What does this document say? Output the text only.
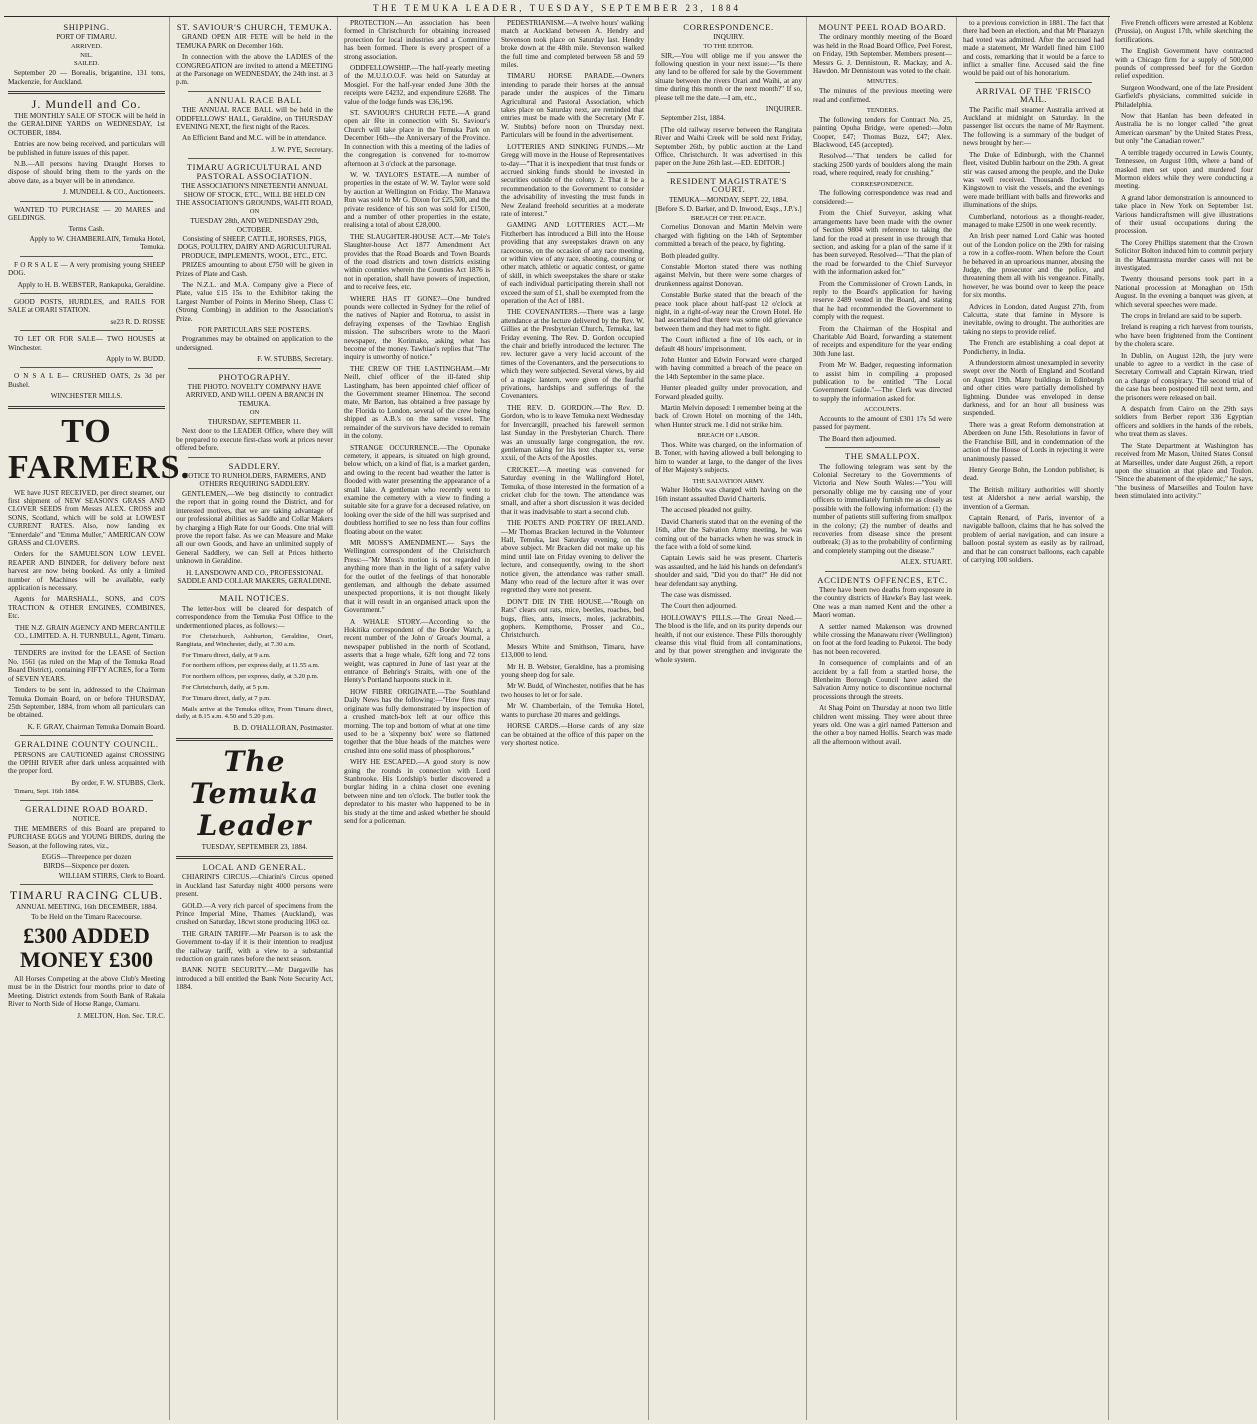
THE TEMUKA LEADER , TUESDAY, SEPTEMBER 23, 1884
SHIPPING.
PORT OF TIMARU.
ARRIVED.
NIL.
SAILED.
September 20 — Borealis, brigantine, 131 tons, Mackenzie, for Auckland.
J. Mundell and Co.
THE MONTHLY SALE OF STOCK will be held in the GERALDINE YARDS on WEDNESDAY, 1st OCTOBER, 1884.
Entries are now being received, and particulars will be published in future issues of this paper.
N.B.—All persons having Draught Horses to dispose of should bring them to the yards on the above date, as a buyer will be in attendance.
J. MUNDELL & CO., Auctioneers.
WANTED TO PURCHASE — 20 MARES and GELDINGS.
Terms Cash.
Apply to W. CHAMBERLAIN, Temuka Hotel, Temuka.
F O R S A L E — A very promising young SHEEP DOG.
Apply to H. B. WEBSTER, Rankapuka, Geraldine.
GOOD POSTS, HURDLES, and RAILS FOR SALE at ORARI STATION.
se23 R. D. ROSSE
TO LET OR FOR SALE— TWO HOUSES at Winchester.
Apply to W. BUDD.
O N S A L E— CRUSHED OATS, 2s 3d per Bushel.
WINCHESTER MILLS.
TO FARMERS.
WE have JUST RECEIVED, per direct steamer, our first shipment of NEW SEASON'S GRASS AND CLOVER SEEDS from Messrs ALEX. CROSS and SONS, Scotland, which will be sold at LOWEST CURRENT RATES. Also, now landing ex "Ennerdale" and "Emma Muller," AMERICAN COW GRASS and CLOVERS.
Orders for the SAMUELSON LOW LEVEL REAPER AND BINDER, for delivery before next harvest are now being booked. As only a limited number of Machines will be available, early application is necessary.
Agents for MARSHALL, SONS, and CO'S TRACTION & OTHER ENGINES, COMBINES, Etc.
THE N.Z. GRAIN AGENCY AND MERCANTILE CO., LIMITED. A. H. TURNBULL, Agent, Timaru.
TENDERS are invited for the LEASE of Section No. 1561 (as ruled on the Map of the Temuka Road Board District), containing FIFTY ACRES, for a Term of SEVEN YEARS.
Tenders to be sent in, addressed to the Chairman Temuka Domain Board, on or before THURSDAY, 25th September, 1884, from whom all particulars can be obtained.
K. F. GRAY, Chairman Temuka Domain Board.
GERALDINE COUNTY COUNCIL.
PERSONS are CAUTIONED against CROSSING the OPIHI RIVER after dark unless acquainted with the proper ford.
By order, F. W. STUBBS, Clerk.
Timaru, Sept. 16th 1884.
GERALDINE ROAD BOARD.
NOTICE.
THE MEMBERS of this Board are prepared to PURCHASE EGGS and YOUNG BIRDS, during the Season, at the following rates, viz.,
EGGS—Threepence per dozen
BIRDS—Sixpence per dozen.
WILLIAM STIRRS, Clerk to Board.
TIMARU RACING CLUB.
ANNUAL MEETING, 16th DECEMBER, 1884.
To be Held on the Timaru Racecourse.
£300 ADDED MONEY £300
All Horses Competing at the above Club's Meeting must be in the District four months prior to date of Meeting. District extends from South Bank of Rakaia River to North Side of Horse Range, Oamaru.
J. MELTON, Hon. Sec. T.R.C.
ST. SAVIOUR'S CHURCH, TEMUKA.
GRAND OPEN AIR FETE will be held in the TEMUKA PARK on December 16th.
In connection with the above the LADIES of the CONGREGATION are invited to attend a MEETING at the Parsonage on WEDNESDAY, the 24th inst. at 3 p.m.
ANNUAL RACE BALL
THE ANNUAL RACE BALL will be held in the ODDFELLOWS' HALL, Geraldine, on THURSDAY EVENING NEXT, the first night of the Races.
An Efficient Band and M.C. will be in attendance.
J. W. PYE, Secretary.
TIMARU AGRICULTURAL AND PASTORAL ASSOCIATION.
THE ASSOCIATION'S NINETEENTH ANNUAL SHOW OF STOCK, ETC., WILL BE HELD ON THE ASSOCIATION'S GROUNDS, WAI-ITI ROAD,
ON
TUESDAY 28th, AND WEDNESDAY 29th, OCTOBER.
Consisting of SHEEP, CATTLE, HORSES, PIGS, DOGS, POULTRY, DAIRY AND AGRICULTURAL PRODUCE, IMPLEMENTS, WOOL, ETC., ETC.
PRIZES amounting to about £750 will be given in Prizes of Plate and Cash.
The N.Z.L. and M.A. Company give a Piece of Plate, value £15 15s to the Exhibitor taking the Largest Number of Points in Merino Sheep, Class C (Strong Combing) in addition to the Association's Prize.
FOR PARTICULARS SEE POSTERS.
Programmes may be obtained on application to the undersigned.
F. W. STUBBS, Secretary.
PHOTOGRAPHY.
THE PHOTO. NOVELTY COMPANY HAVE ARRIVED, AND WILL OPEN A BRANCH IN TEMUKA.
ON
THURSDAY, SEPTEMBER 11.
Next door to the LEADER Office, where they will be prepared to execute first-class work at prices never offered before.
SADDLERY.
NOTICE TO RUNHOLDERS, FARMERS, AND OTHERS REQUIRING SADDLERY.
GENTLEMEN,—We beg distinctly to contradict the report that in going round the District, and for interested motives, that we are taking advantage of our professional abilities as Saddle and Collar Makers by charging a High Rate for our Goods. One trial will prove the report false. As we can Measure and Make all our own Goods, and have an unlimited supply of General Saddlery, we can Sell at Prices hitherto unknown in Geraldine.
H. LANSDOWN AND CO., PROFESSIONAL SADDLE AND COLLAR MAKERS, GERALDINE.
MAIL NOTICES.
The letter-box will be cleared for despatch of correspondence from the Temuka Post Office to the undermentioned places, as follows:—
For Christchurch, Ashburton, Geraldine, Orari, Rangitata, and Winchester, daily, at 7.30 a.m.
For Timaru direct, daily, at 9 a.m.
For northern offices, per express daily, at 11.55 a.m.
For northern offices, per express, daily, at 3.20 p.m.
For Christchurch, daily, at 5 p.m.
For Timaru direct, daily, at 7 p.m.
Mails arrive at the Temuka office, From Timaru direct, daily, at 8.15 a.m. 4.50 and 5.20 p.m.
B. D. O'HALLORAN, Postmaster.
The Temuka Leader
TUESDAY, SEPTEMBER 23, 1884.
LOCAL AND GENERAL.
CHIARINI'S CIRCUS.—Chiarini's Circus opened in Auckland last Saturday night 4000 persons were present.
GOLD.—A very rich parcel of specimens from the Prince Imperial Mine, Thames (Auckland), was crushed on Saturday, 18cwt stone producing 1063 oz.
THE GRAIN TARIFF.—Mr Pearson is to ask the Government to-day if it is their intention to readjust the railway tariff, with a view to a substantial reduction on grain rates before the next season.
BANK NOTE SECURITY.—Mr Dargaville has introduced a bill entitled the Bank Note Security Act, 1884.
PROTECTION.—An association has been formed in Christchurch for obtaining increased protection for local industries and a Committee has been formed. There is every prospect of a strong association.
ODDFELLOWSHIP.—The half-yearly meeting of the M.U.I.O.O.F. was held on Saturday at Mosgiel. For the half-year ended June 30th the receipts were £4232, and expenditure £2688. The value of the lodge funds was £36,196.
ST. SAVIOUR'S CHURCH FETE.—A grand open air fête in connection with St. Saviour's Church will take place in the Temuka Park on December 16th—the Anniversary of the Province. In connection with this a meeting of the ladies of the congregation is convened for to-morrow afternoon at 3 o'clock at the parsonage.
W. W. TAYLOR'S ESTATE.—A number of properties in the estate of W. W. Taylor were sold by auction at Wellington on Friday. The Manawa Run was sold to Mr G. Dixon for £25,500, and the private residence of his son was sold for £1500, and a number of other properties in the estate, realising a total of about £28,000.
THE SLAUGHTER-HOUSE ACT.—Mr Tole's Slaughter-house Act 1877 Amendment Act provides that the Road Boards and Town Boards of the road districts and town districts existing within counties wherein the Counties Act 1876 is not in operation, shall have powers of inspection, and to receive fees, etc.
WHERE HAS IT GONE?—One hundred pounds were collected in Sydney for the relief of the natives of Napier and Rotorua, to assist in defraying expenses of the Tawhiao English mission. The subscribers wrote to the Maori newspaper, the Korimako, asking what has become of the money. Tawhiao's replies that "The inquiry is unworthy of notice."
THE CREW OF THE LASTINGHAM.—Mr Neill, chief officer of the ill-fated ship Lastingham, has been appointed chief officer of the Government steamer Hinemoa. The second mate, Mr Barton, has obtained a free passage by the Florida to London, several of the crew being shipped as A.B.'s on the same vessel. The remainder of the survivors have decided to remain in the colony.
STRANGE OCCURRENCE.—The Opunake cemetery, it appears, is situated on high ground, below which, on a kind of flat, is a market garden, and owing to the recent bad weather the latter is flooded with water presenting the appearance of a small lake. A gentleman who recently went to examine the cemetery with a view to finding a suitable site for a grave for a deceased relative, on looking over the side of the hill was surprised and doubtless horrified to see no less than four coffins floating about on the water.
MR MOSS'S AMENDMENT.— Says the Wellington correspondent of the Christchurch Press:—"Mr Moss's motion is not regarded in anything more than in the light of a safety valve for the outlet of the feelings of that honorable gentleman, and although the debate assumed unexpected proportions, it is not thought likely that it will result in an organised attack upon the Government."
A WHALE STORY.—According to the Hokitika correspondent of the Border Watch, a recent number of the John o' Groat's Journal, a newspaper published in the north of Scotland, asserts that a huge whale, 62ft long and 72 tons weight, was captured in June of last year at the entrance of Behring's Straits, with one of the Henty's Portland harpoons stuck in it.
HOW FIBRE ORIGINATE.—The Southland Daily News has the following:—"How fires may originate was fully demonstrated by inspection of a crushed match-box left at our office this morning. The top and bottom of what at one time used to be a 'sixpenny box' were so flattened together that the blue heads of the matches were crushed into one solid mass of phosphorous."
WHY HE ESCAPED.—A good story is now going the rounds in connection with Lord Stanbrooke. His Lordship's butler discovered a burglar hiding in a china closet one evening between nine and ten o'clock. The butler took the depredator to his master who happened to be in his study at the time and asked whether he should send for a policeman.
PEDESTRIANISM.—A twelve hours' walking match at Auckland between A. Hendry and Stevenson took place on Saturday last. Hendry broke down at the 48th mile. Stevenson walked the full time and completed between 58 and 59 miles.
TIMARU HORSE PARADE.—Owners intending to parade their horses at the annual parade under the auspices of the Timaru Agricultural and Pastoral Association, which takes place on Saturday next, are reminded that entries must be made with the Secretary (Mr F. W. Stubbs) before noon on Thursday next. Particulars will be found in the advertisement.
LOTTERIES AND SINKING FUNDS.—Mr Gregg will move in the House of Representatives to-day—"That it is inexpedient that trust funds or accrued sinking funds should be invested in securities outside of the colony. 2. That it be a recommendation to the Government to consider the advisability of investing the trust funds in New Zealand freehold securities at a moderate rate of interest."
GAMING AND LOTTERIES ACT.—Mr Fitzherbert has introduced a Bill into the House providing that any sweepstakes drawn on any racecourse, on the occasion of any race meeting, or within view of any race, shooting, coursing or other match, athletic or aquatic contest, or game of skill, in which sweepstakes the share or stake of each individual participating therein shall not exceed the sum of £1, shall be exempted from the operation of the Act of 1881.
THE COVENANTERS.—There was a large attendance at the lecture delivered by the Rev. W. Gillies at the Presbyterian Church, Temuka, last Friday evening. The Rev. D. Gordon occupied the chair and briefly introduced the lecturer. The rev. lecturer gave a very lucid account of the times of the Covenanters, and the persecutions to which they were subjected. Several views, by aid of a magic lantern, were given of the fearful privations, hardships and sufferings of the Covenanters.
THE REV. D. GORDON.—The Rev. D. Gordon, who is to leave Temuka next Wednesday for Invercargill, preached his farewell sermon last Sunday in the Presbyterian Church. There was an unusually large congregation, the rev. gentleman taking for his text chapter xx, verse xxxii, of the Acts of the Apostles.
CRICKET.—A meeting was convened for Saturday evening in the Wallingford Hotel, Temuka, of those interested in the formation of a cricket club for the town. The attendance was small, and after a short discussion it was decided that it was inadvisable to start a second club.
THE POETS AND POETRY OF IRELAND.—Mr Thomas Bracken lectured in the Volunteer Hall, Temuka, last Saturday evening, on the above subject. Mr Bracken did not make up his mind until late on Friday evening to deliver the lecture, and consequently, owing to the short notice given, the attendance was rather small. Many who read of the lecture after it was over regretted they were not present.
DON'T DIE IN THE HOUSE.—"Rough on Rats" clears out rats, mice, beetles, roaches, bed bugs, flies, ants, insects, moles, jackrabbits, gophers. Kempthorne, Prosser and Co., Christchurch.
Messrs White and Smithson, Timaru, have £13,000 to lend.
Mr H. B. Webster, Geraldine, has a promising young sheep dog for sale.
Mr W. Budd, of Winchester, notifies that he has two houses to let or for sale.
Mr W. Chamberlain, of the Temuka Hotel, wants to purchase 20 mares and geldings.
HORSE CARDS.—Horse cards of any size can be obtained at the office of this paper on the very shortest notice.
CORRESPONDENCE.
INQUIRY.
TO THE EDITOR.
SIR,—You will oblige me if you answer the following question in your next issue:—"Is there any land to be offered for sale by the Government situate between the rivers Orari and Waihi, at any time during this month or the next month?" If so, please tell me the date.—I am, etc.,
INQUIRER.
September 21st, 1884.
[The old railway reserve between the Rangitata River and Waihi Creek will be sold next Friday, September 26th, by public auction at the Land Office, Christchurch. It was advertised in this paper on the June 26th last.—ED. EDITOR.]
RESIDENT MAGISTRATE'S COURT.
TEMUKA—MONDAY, SEPT. 22, 1884.
[Before S. D. Barker, and D. Inwood, Esqs., J.P.'s.]
BREACH OF THE PEACE.
Cornelius Donovan and Martin Melvin were charged with fighting on the 14th of September committed a breach of the peace, by fighting.
Both pleaded guilty.
Constable Morton stated there was nothing against Melvin, but there were some charges of drunkenness against Donovan.
Constable Burke stated that the breach of the peace took place about half-past 12 o'clock at night, in a right-of-way near the Crown Hotel. He had ascertained that there was some old grievance between them and they had met to fight.
The Court inflicted a fine of 10s each, or in default 48 hours' imprisonment.
John Hunter and Edwin Forward were charged with having committed a breach of the peace on the 14th September in the same place.
Hunter pleaded guilty under provocation, and Forward pleaded guilty.
Martin Melvin deposed: I remember being at the back of Crown Hotel on morning of the 14th, when Hunter struck me. I did not strike him.
BREACH OF LABOR.
Thos. White was charged, on the information of B. Toner, with having allowed a bull belonging to him to wander at large, to the danger of the lives of Her Majesty's subjects.
THE SALVATION ARMY.
Walter Hobbs was charged with having on the 16th instant assaulted David Charteris.
The accused pleaded not guilty.
David Charteris stated that on the evening of the 16th, after the Salvation Army meeting, he was coming out of the barracks when he was struck in the face with a fold of some kind.
Captain Lewis said he was present. Charteris was assaulted, and he laid his hands on defendant's shoulder and said, "Did you do that?" He did not hear defendant say anything.
The case was dismissed.
The Court then adjourned.
HOLLOWAY'S PILLS.—The Great Need.—The blood is the life, and on its purity depends our health, if not our existence. These Pills thoroughly cleanse this vital fluid from all contaminations, and by that power strengthen and invigorate the whole system.
MOUNT PEEL ROAD BOARD.
The ordinary monthly meeting of the Board was held in the Road Board Office, Peel Forest, on Friday, 19th September. Members present—Messrs G. J. Dennistoun, R. Mackay, and A. Hawdon. Mr Dennistoun was voted to the chair.
MINUTES.
The minutes of the previous meeting were read and confirmed.
TENDERS.
The following tenders for Contract No. 25, painting Opuha Bridge, were opened:—John Cooper, £47; Thomas Buzz, £47; Alex. Blackwood, £45 (accepted).
Resolved—"That tenders be called for stacking 2500 yards of boulders along the main road, where required, ready for crushing."
CORRESPONDENCE.
The following correspondence was read and considered:—
From the Chief Surveyor, asking what arrangements have been made with the owner of Section 9804 with reference to taking the land for the road at present in use through that section, and asking for a plan of the same if it has been surveyed. Resolved—"That the plan of the road be forwarded to the Chief Surveyor with the information asked for."
From the Commissioner of Crown Lands, in reply to the Board's application for having reserve 2489 vested in the Board, and stating that he had recommended the Government to comply with the request.
From the Chairman of the Hospital and Charitable Aid Board, forwarding a statement of receipts and expenditure for the year ending 30th June last.
From Mr W. Badger, requesting information to assist him in compiling a proposed publication to be entitled "The Local Government Guide."—The Clerk was directed to supply the information asked for.
ACCOUNTS.
Accounts to the amount of £301 17s 5d were passed for payment.
The Board then adjourned.
THE SMALLPOX.
The following telegram was sent by the Colonial Secretary to the Governments of Victoria and New South Wales:—"You will personally oblige me by causing one of your officers to immediately furnish me as closely as possible with the following information: (1) the number of patients still suffering from smallpox in the colony; (2) the number of deaths and recoveries from disease since the present outbreak; (3) as to the probability of confirming and completely stamping out the disease."
ALEX. STUART.
ACCIDENTS OFFENCES, ETC.
There have been two deaths from exposure in the country districts of Hawke's Bay last week. One was a man named Kent and the other a Maori woman.
A settler named Makenson was drowned while crossing the Manawatu river (Wellington) on foot at the ford leading to Puketoi. The body has not been recovered.
In consequence of complaints and of an accident by a fall from a startled horse, the Blenheim Borough Council have asked the Salvation Army notice to discontinue nocturnal processions through the streets.
At Shag Point on Thursday at noon two little children went missing. They were about three years old. One was a girl named Patterson and the other a boy named Hollis. Search was made all the afternoon without avail.
to a previous conviction in 1881. The fact that there had been an election, and that Mr Pharazyn had voted was admitted. After the accused had made a statement, Mr Wardell fined him £100 and costs, remarking that it would be a farce to inflict a smaller fine. Accused said the fine would be paid out of his honorarium.
ARRIVAL OF THE 'FRISCO MAIL.
The Pacific mail steamer Australia arrived at Auckland at midnight on Saturday. In the passenger list occurs the name of Mr Rayment. The following is a summary of the budget of news brought by her:—
The Duke of Edinburgh, with the Channel fleet, visited Dublin harbour on the 29th. A great stir was caused among the people, and the Duke was well received. Thousands flocked to Kingstown to visit the vessels, and the evenings were made brilliant with balls and fireworks and illuminations of the ships.
Cumberland, notorious as a thought-reader, managed to make £2500 in one week recently.
An Irish peer named Lord Cahir was hooted out of the London police on the 29th for raising a row in a coffee-room. When before the Court he behaved in an uproarious manner, abusing the Judge, the prosecutor and the police, and threatening them all with his vengeance. Finally, however, he was bound over to keep the peace for six months.
Advices in London, dated August 27th, from Calcutta, state that famine in Mysore is inevitable, owing to drought. The authorities are taking no steps to provide relief.
The French are establishing a coal depot at Pondicherry, in India.
A thunderstorm almost unexampled in severity swept over the North of England and Scotland on August 19th. Many buildings in Edinburgh and other cities were partially demolished by lightning. Dundee was enveloped in dense darkness, and for an hour all business was suspended.
There was a great Reform demonstration at Aberdeen on June 15th. Resolutions in favor of the Franchise Bill, and in condemnation of the action of the House of Lords in rejecting it were unanimously passed.
Henry George Bohn, the London publisher, is dead.
The British military authorities will shortly test at Aldershot a new aerial warship, the invention of a German.
Captain Renard, of Paris, inventor of a navigable balloon, claims that he has solved the problem of aerial navigation, and can insure a balloon postal system as easily as by railroad, and that he can construct balloons, each capable of carrying 100 soldiers.
Five French officers were arrested at Koblenz (Prussia), on August 17th, while sketching the fortifications.
The English Government have contracted with a Chicago firm for a supply of 500,000 pounds of compressed beef for the Gordon relief expedition.
Surgeon Woodward, one of the late President Garfield's physicians, committed suicide in Philadelphia.
Now that Hanlan has been defeated in Australia he is no longer called "the great American oarsman" by the United States Press, but only "the Canadian rower."
A terrible tragedy occurred in Lewis County, Tennessee, on August 10th, where a band of masked men set upon and murdered four Mormon elders while they were conducting a meeting.
A grand labor demonstration is announced to take place in New York on September 1st. Various handicraftsmen will give illustrations of their usual occupations during the procession.
The Corey Phillips statement that the Crown Solicitor Bolton induced him to commit perjury in the Maamtrasna murder cases will not be investigated.
Twenty thousand persons took part in a National procession at Monaghan on 15th August. In the evening a banquet was given, at which several speeches were made.
The crops in Ireland are said to be superb.
Ireland is reaping a rich harvest from tourists, who have been frightened from the Continent by the cholera scare.
In Dublin, on August 12th, the jury were unable to agree to a verdict in the case of Secretary Cornwall and Captain Kirwan, tried on a charge of conspiracy. The second trial of the case has been postponed till next term, and the prisoners were released on bail.
A despatch from Cairo on the 29th says soldiers from Berber report 336 Egyptian officers and soldiers in the hands of the rebels, who treat them as slaves.
The State Department at Washington has received from Mr Mason, United States Consul at Marseilles, under date August 26th, a report upon the situation at that place and Toulon. "Since the abatement of the epidemic," he says, "the business of Marseilles and Toulon have been stimulated into activity."
